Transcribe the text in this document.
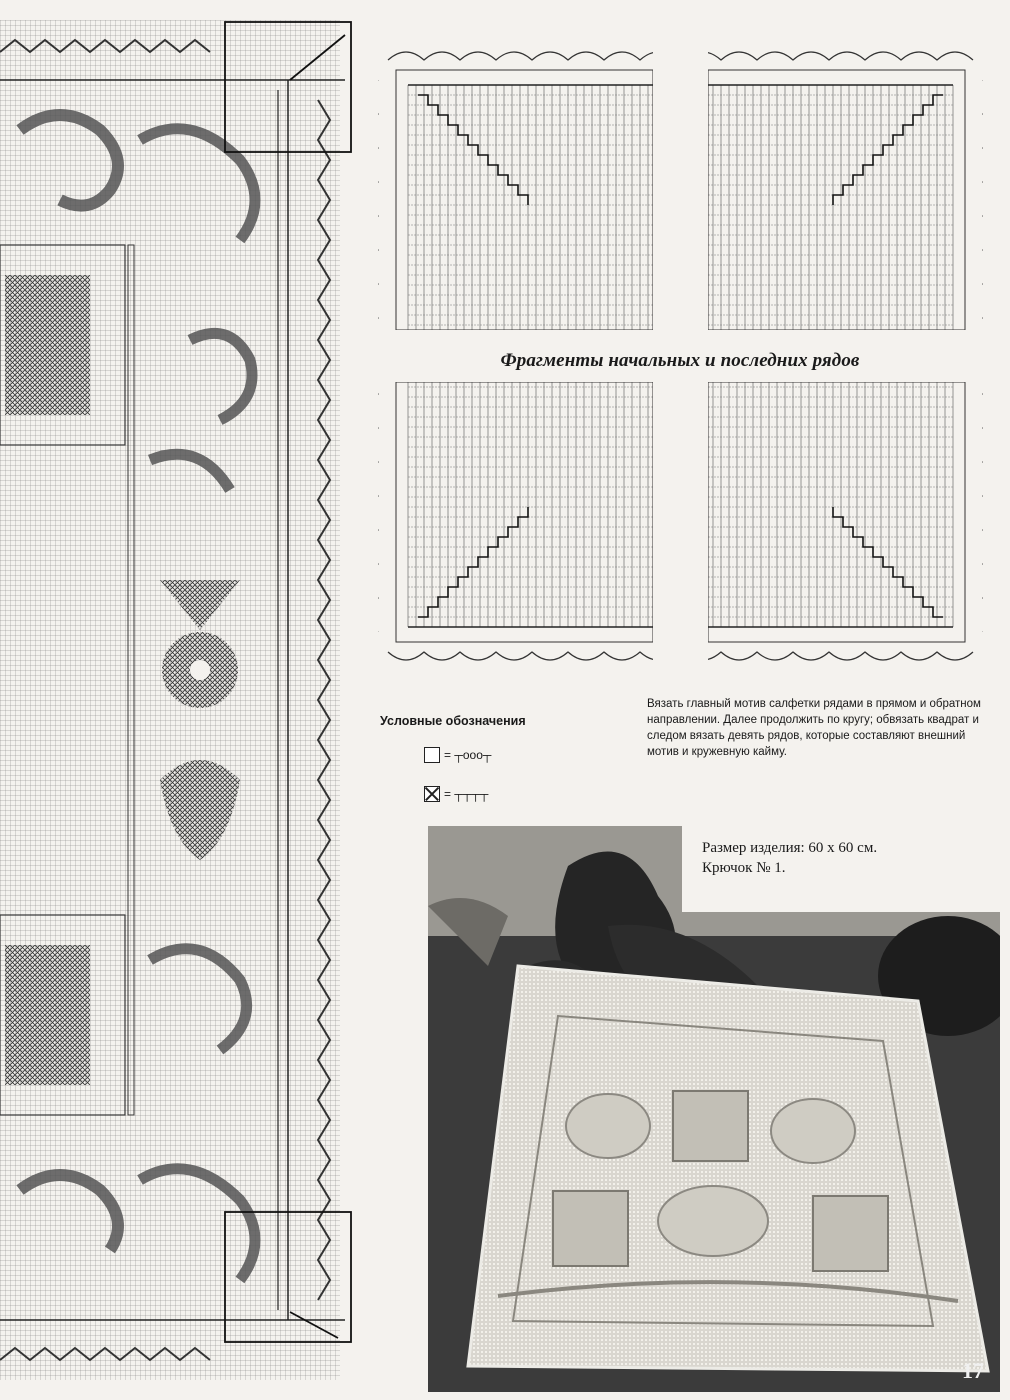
Фрагменты начальных и последних рядов
Условные обозначения
= ┬ооо┬
= ┬┬┬┬
Вязать главный мотив салфетки рядами в прямом и обратном направлении. Далее продолжить по кругу; обвязать квадрат и следом вязать девять рядов, которые составляют внешний мотив и кружевную кайму.
Размер изделия: 60 х 60 см.
Крючок № 1.
17
